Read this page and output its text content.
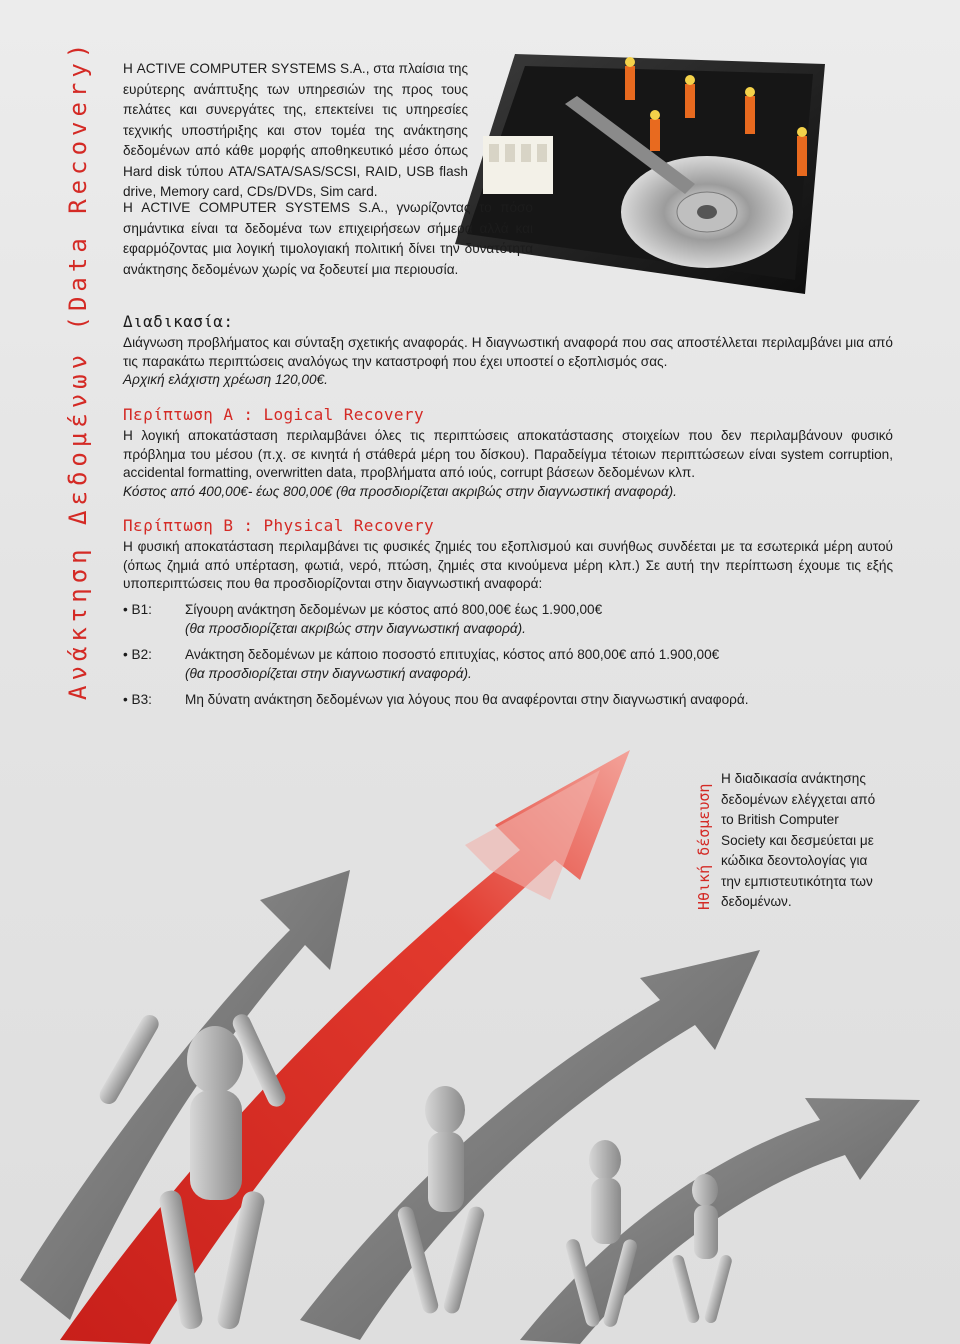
Ανάκτηση Δεδομένων (Data Recovery)	Η ACTIVE COMPUTER SYSTEMS S.A., στα πλαίσια της ευρύτερης ανάπτυξης των υπηρεσιών της προς τους πελάτες και συνεργάτες της, επεκτείνει τις υπηρεσίες τεχνικής υποστήριξης και στον τομέα της ανάκτησης δεδομένων από κάθε μορφής αποθηκευτικό μέσο όπως Hard disk τύπου ATA/SATA/SAS/SCSI, RAID, USB flash drive, Memory card, CDs/DVDs, Sim card.

Η ACTIVE COMPUTER SYSTEMS S.A., γνωρίζοντας το πόσο σημάντικα είναι τα δεδομένα των επιχειρήσεων σήμερα αλλά και εφαρμόζοντας μια λογική τιμολογιακή πολιτική δίνει την δυνατότητα ανάκτησης δεδομένων χωρίς να ξοδευτεί μια περιουσία.

Διαδικασία:

Διάγνωση προβλήματος και σύνταξη σχετικής αναφοράς. Η διαγνωστική αναφορά που σας αποστέλλεται περιλαμβάνει μια από τις παρακάτω περιπτώσεις αναλόγως την καταστροφή που έχει υποστεί ο εξοπλισμός σας.

Αρχική ελάχιστη χρέωση 120,00€.

Περίπτωση Α : Logical Recovery

Η λογική αποκατάσταση περιλαμβάνει όλες τις περιπτώσεις αποκατάστασης στοιχείων που δεν περιλαμβάνουν φυσικό πρόβλημα του μέσου (π.χ. σε κινητά ή στάθερά μέρη του δίσκου). Παραδείγμα τέτοιων περιπτώσεων είναι system corruption, accidental formatting, overwritten data, προβλήματα από ιούς, corrupt βάσεων δεδομένων κλπ.

Κόστος από 400,00€- έως 800,00€ (θα προσδιορίζεται ακριβώς στην διαγνωστική αναφορά).

Περίπτωση Β : Physical Recovery

Η φυσική αποκατάσταση περιλαμβάνει τις φυσικές ζημιές του εξοπλισμού και συνήθως συνδέεται με τα εσωτερικά μέρη αυτού (όπως ζημιά από υπέρταση, φωτιά, νερό, πτώση, ζημιές στα κινούμενα μέρη κλπ.) Σε αυτή την περίπτωση έχουμε τις εξής υποπεριπτώσεις που θα προσδιορίζονται στην διαγνωστική αναφορά:

• Β1:	Σίγουρη ανάκτηση δεδομένων με κόστος από 800,00€ έως 1.900,00€
(θα προσδιορίζεται ακριβώς στην διαγνωστική αναφορά).
• Β2:	Ανάκτηση δεδομένων με κάποιο ποσοστό επιτυχίας, κόστος από 800,00€ από 1.900,00€
(θα προσδιορίζεται στην διαγνωστική αναφορά).
• Β3:	Μη δύνατη ανάκτηση δεδομένων για λόγους που θα αναφέρονται στην διαγνωστική αναφορά.
Ηθική δέσμευση
Η διαδικασία ανάκτησης δεδομένων ελέγχεται από το British Computer Society και δεσμεύεται με κώδικα δεοντολογίας για την εμπιστευτικότητα των δεδομένων.
